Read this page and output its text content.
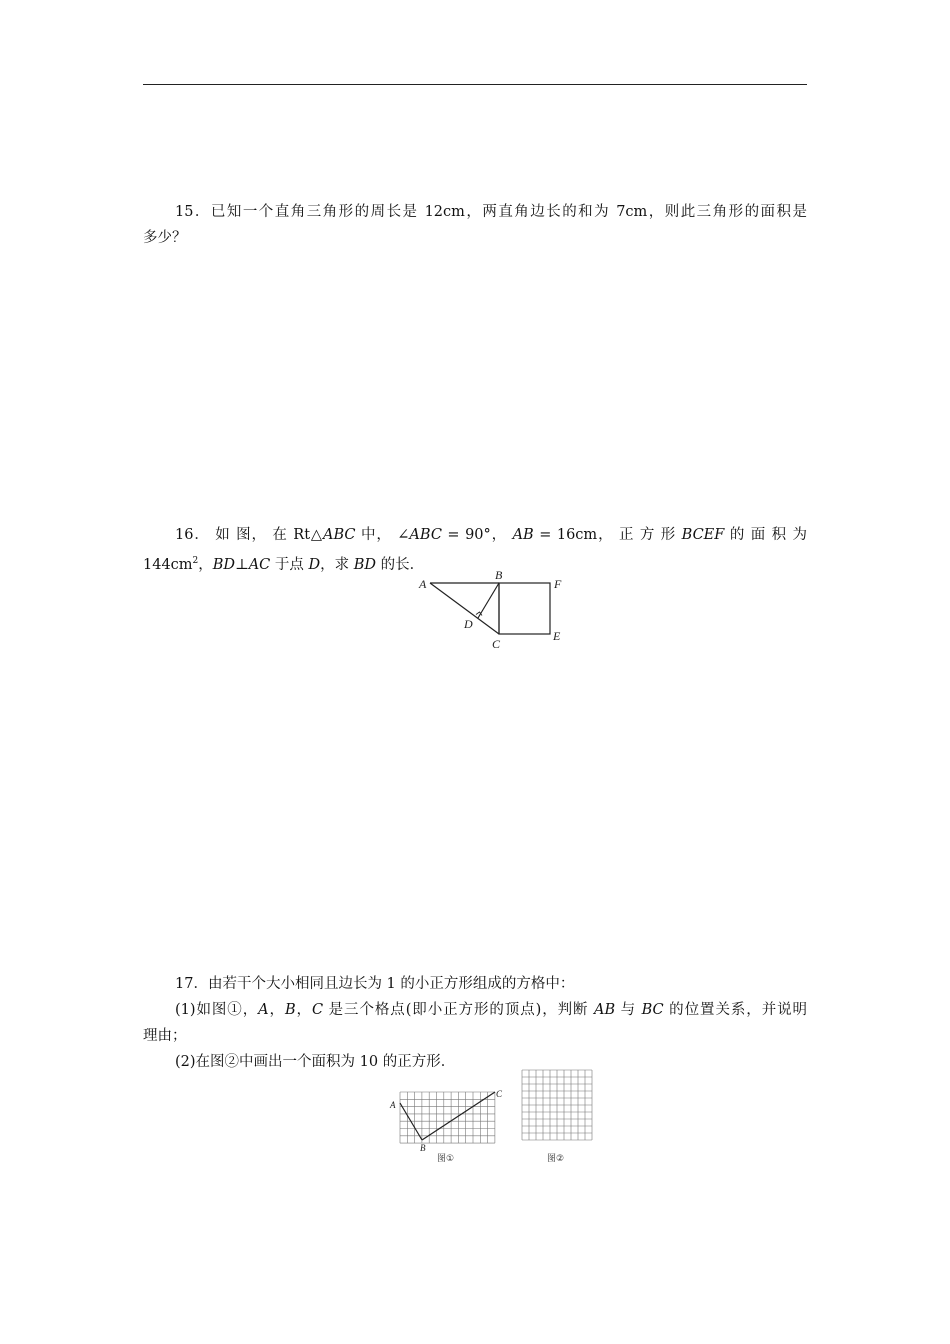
15．已知一个直角三角形的周长是 12cm，两直角边长的和为 7cm，则此三角形的面积是
多少？
16． 如 图， 在 Rt△ABC 中， ∠ABC = 90°， AB = 16cm， 正 方 形 BCEF 的 面 积 为
$144cm^2$，BD⊥AC 于点 D，求 BD 的长．
A
B
F
D
C
E
17．由若干个大小相同且边长为 1 的小正方形组成的方格中：
(1)如图①，A，B，C 是三个格点(即小正方形的顶点)，判断 AB 与 BC 的位置关系，并说明
理由；
(2)在图②中画出一个面积为 10 的正方形．
A
B
C
图①	图②
